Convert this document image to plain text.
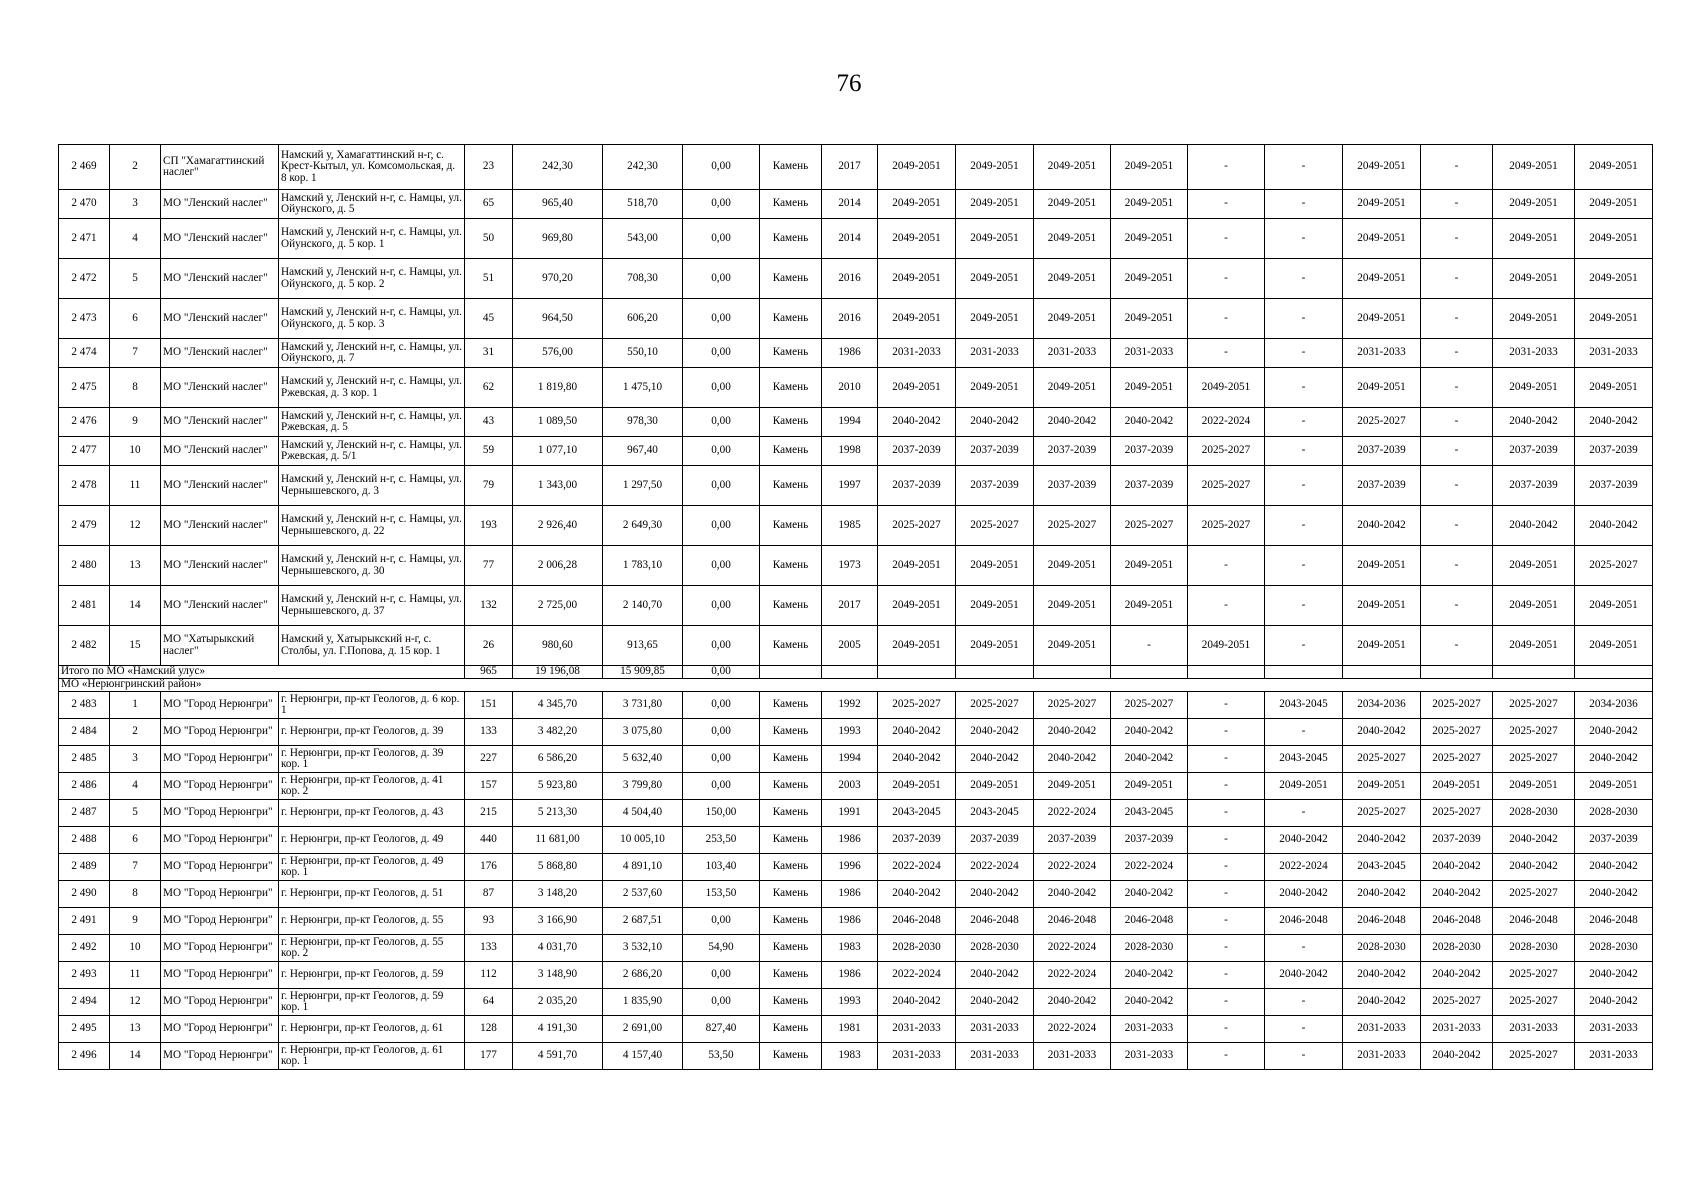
76
2 469	2	СП "Хамагаттинский наслег"	Намский у, Хамагаттинский н-г, с. Крест-Кытыл, ул. Комсомольская, д. 8 кор. 1	23	242,30	242,30	0,00	Камень	2017	2049-2051	2049-2051	2049-2051	2049-2051	-	-	2049-2051	-	2049-2051	2049-2051
2 470	3	МО "Ленский наслег"	Намский у, Ленский н-г, с. Намцы, ул. Ойунского, д. 5	65	965,40	518,70	0,00	Камень	2014	2049-2051	2049-2051	2049-2051	2049-2051	-	-	2049-2051	-	2049-2051	2049-2051
2 471	4	МО "Ленский наслег"	Намский у, Ленский н-г, с. Намцы, ул. Ойунского, д. 5 кор. 1	50	969,80	543,00	0,00	Камень	2014	2049-2051	2049-2051	2049-2051	2049-2051	-	-	2049-2051	-	2049-2051	2049-2051
2 472	5	МО "Ленский наслег"	Намский у, Ленский н-г, с. Намцы, ул. Ойунского, д. 5 кор. 2	51	970,20	708,30	0,00	Камень	2016	2049-2051	2049-2051	2049-2051	2049-2051	-	-	2049-2051	-	2049-2051	2049-2051
2 473	6	МО "Ленский наслег"	Намский у, Ленский н-г, с. Намцы, ул. Ойунского, д. 5 кор. 3	45	964,50	606,20	0,00	Камень	2016	2049-2051	2049-2051	2049-2051	2049-2051	-	-	2049-2051	-	2049-2051	2049-2051
2 474	7	МО "Ленский наслег"	Намский у, Ленский н-г, с. Намцы, ул. Ойунского, д. 7	31	576,00	550,10	0,00	Камень	1986	2031-2033	2031-2033	2031-2033	2031-2033	-	-	2031-2033	-	2031-2033	2031-2033
2 475	8	МО "Ленский наслег"	Намский у, Ленский н-г, с. Намцы, ул. Ржевская, д. 3 кор. 1	62	1 819,80	1 475,10	0,00	Камень	2010	2049-2051	2049-2051	2049-2051	2049-2051	2049-2051	-	2049-2051	-	2049-2051	2049-2051
2 476	9	МО "Ленский наслег"	Намский у, Ленский н-г, с. Намцы, ул. Ржевская, д. 5	43	1 089,50	978,30	0,00	Камень	1994	2040-2042	2040-2042	2040-2042	2040-2042	2022-2024	-	2025-2027	-	2040-2042	2040-2042
2 477	10	МО "Ленский наслег"	Намский у, Ленский н-г, с. Намцы, ул. Ржевская, д. 5/1	59	1 077,10	967,40	0,00	Камень	1998	2037-2039	2037-2039	2037-2039	2037-2039	2025-2027	-	2037-2039	-	2037-2039	2037-2039
2 478	11	МО "Ленский наслег"	Намский у, Ленский н-г, с. Намцы, ул. Чернышевского, д. 3	79	1 343,00	1 297,50	0,00	Камень	1997	2037-2039	2037-2039	2037-2039	2037-2039	2025-2027	-	2037-2039	-	2037-2039	2037-2039
2 479	12	МО "Ленский наслег"	Намский у, Ленский н-г, с. Намцы, ул. Чернышевского, д. 22	193	2 926,40	2 649,30	0,00	Камень	1985	2025-2027	2025-2027	2025-2027	2025-2027	2025-2027	-	2040-2042	-	2040-2042	2040-2042
2 480	13	МО "Ленский наслег"	Намский у, Ленский н-г, с. Намцы, ул. Чернышевского, д. 30	77	2 006,28	1 783,10	0,00	Камень	1973	2049-2051	2049-2051	2049-2051	2049-2051	-	-	2049-2051	-	2049-2051	2025-2027
2 481	14	МО "Ленский наслег"	Намский у, Ленский н-г, с. Намцы, ул. Чернышевского, д. 37	132	2 725,00	2 140,70	0,00	Камень	2017	2049-2051	2049-2051	2049-2051	2049-2051	-	-	2049-2051	-	2049-2051	2049-2051
2 482	15	МО "Хатырыкский наслег"	Намский у, Хатырыкский н-г, с. Столбы, ул. Г.Попова, д. 15 кор. 1	26	980,60	913,65	0,00	Камень	2005	2049-2051	2049-2051	2049-2051	-	2049-2051	-	2049-2051	-	2049-2051	2049-2051
Итого по МО «Намский улус»				965	19 196,08	15 909,85	0,00												
МО «Нерюнгринский район»																			
2 483	1	МО "Город Нерюнгри"	г. Нерюнгри, пр-кт Геологов, д. 6 кор. 1	151	4 345,70	3 731,80	0,00	Камень	1992	2025-2027	2025-2027	2025-2027	2025-2027	-	2043-2045	2034-2036	2025-2027	2025-2027	2034-2036
2 484	2	МО "Город Нерюнгри"	г. Нерюнгри, пр-кт Геологов, д. 39	133	3 482,20	3 075,80	0,00	Камень	1993	2040-2042	2040-2042	2040-2042	2040-2042	-	-	2040-2042	2025-2027	2025-2027	2040-2042
2 485	3	МО "Город Нерюнгри"	г. Нерюнгри, пр-кт Геологов, д. 39 кор. 1	227	6 586,20	5 632,40	0,00	Камень	1994	2040-2042	2040-2042	2040-2042	2040-2042	-	2043-2045	2025-2027	2025-2027	2025-2027	2040-2042
2 486	4	МО "Город Нерюнгри"	г. Нерюнгри, пр-кт Геологов, д. 41 кор. 2	157	5 923,80	3 799,80	0,00	Камень	2003	2049-2051	2049-2051	2049-2051	2049-2051	-	2049-2051	2049-2051	2049-2051	2049-2051	2049-2051
2 487	5	МО "Город Нерюнгри"	г. Нерюнгри, пр-кт Геологов, д. 43	215	5 213,30	4 504,40	150,00	Камень	1991	2043-2045	2043-2045	2022-2024	2043-2045	-	-	2025-2027	2025-2027	2028-2030	2028-2030
2 488	6	МО "Город Нерюнгри"	г. Нерюнгри, пр-кт Геологов, д. 49	440	11 681,00	10 005,10	253,50	Камень	1986	2037-2039	2037-2039	2037-2039	2037-2039	-	2040-2042	2040-2042	2037-2039	2040-2042	2037-2039
2 489	7	МО "Город Нерюнгри"	г. Нерюнгри, пр-кт Геологов, д. 49 кор. 1	176	5 868,80	4 891,10	103,40	Камень	1996	2022-2024	2022-2024	2022-2024	2022-2024	-	2022-2024	2043-2045	2040-2042	2040-2042	2040-2042
2 490	8	МО "Город Нерюнгри"	г. Нерюнгри, пр-кт Геологов, д. 51	87	3 148,20	2 537,60	153,50	Камень	1986	2040-2042	2040-2042	2040-2042	2040-2042	-	2040-2042	2040-2042	2040-2042	2025-2027	2040-2042
2 491	9	МО "Город Нерюнгри"	г. Нерюнгри, пр-кт Геологов, д. 55	93	3 166,90	2 687,51	0,00	Камень	1986	2046-2048	2046-2048	2046-2048	2046-2048	-	2046-2048	2046-2048	2046-2048	2046-2048	2046-2048
2 492	10	МО "Город Нерюнгри"	г. Нерюнгри, пр-кт Геологов, д. 55 кор. 2	133	4 031,70	3 532,10	54,90	Камень	1983	2028-2030	2028-2030	2022-2024	2028-2030	-	-	2028-2030	2028-2030	2028-2030	2028-2030
2 493	11	МО "Город Нерюнгри"	г. Нерюнгри, пр-кт Геологов, д. 59	112	3 148,90	2 686,20	0,00	Камень	1986	2022-2024	2040-2042	2022-2024	2040-2042	-	2040-2042	2040-2042	2040-2042	2025-2027	2040-2042
2 494	12	МО "Город Нерюнгри"	г. Нерюнгри, пр-кт Геологов, д. 59 кор. 1	64	2 035,20	1 835,90	0,00	Камень	1993	2040-2042	2040-2042	2040-2042	2040-2042	-	-	2040-2042	2025-2027	2025-2027	2040-2042
2 495	13	МО "Город Нерюнгри"	г. Нерюнгри, пр-кт Геологов, д. 61	128	4 191,30	2 691,00	827,40	Камень	1981	2031-2033	2031-2033	2022-2024	2031-2033	-	-	2031-2033	2031-2033	2031-2033	2031-2033
2 496	14	МО "Город Нерюнгри"	г. Нерюнгри, пр-кт Геологов, д. 61 кор. 1	177	4 591,70	4 157,40	53,50	Камень	1983	2031-2033	2031-2033	2031-2033	2031-2033	-	-	2031-2033	2040-2042	2025-2027	2031-2033
